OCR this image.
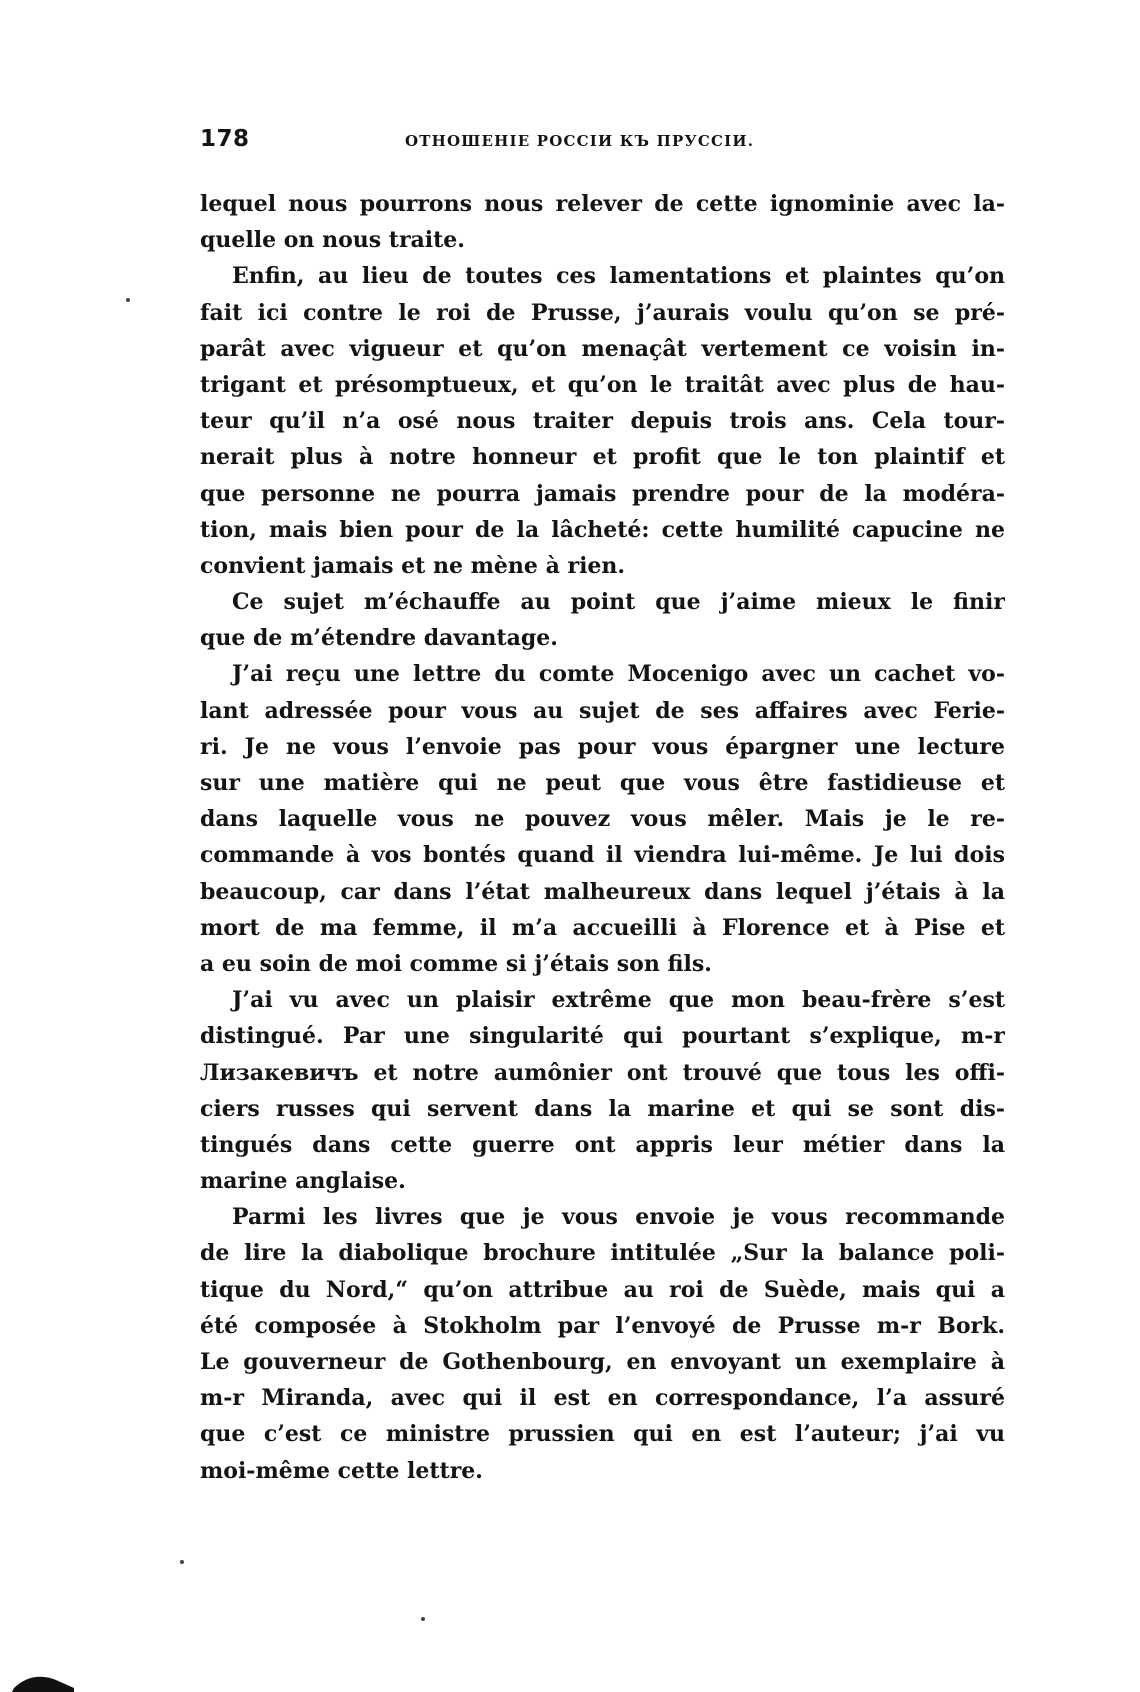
178	ОТНОШЕНІЕ РОССІИ КЪ ПРУССІИ.
lequel nous pourrons nous relever de cette ignominie avec la-
quelle on nous traite.
Enfin, au lieu de toutes ces lamentations et plaintes qu’on
fait ici contre le roi de Prusse, j’aurais voulu qu’on se pré-
parât avec vigueur et qu’on menaçât vertement ce voisin in-
trigant et présomptueux, et qu’on le traitât avec plus de hau-
teur qu’il n’a osé nous traiter depuis trois ans. Cela tour-
nerait plus à notre honneur et profit que le ton plaintif et
que personne ne pourra jamais prendre pour de la modéra-
tion, mais bien pour de la lâcheté: cette humilité capucine ne
convient jamais et ne mène à rien.
Ce sujet m’échauffe au point que j’aime mieux le finir
que de m’étendre davantage.
J’ai reçu une lettre du comte Mocenigo avec un cachet vo-
lant adressée pour vous au sujet de ses affaires avec Ferie-
ri. Je ne vous l’envoie pas pour vous épargner une lecture
sur une matière qui ne peut que vous être fastidieuse et
dans laquelle vous ne pouvez vous mêler. Mais je le re-
commande à vos bontés quand il viendra lui-même. Je lui dois
beaucoup, car dans l’état malheureux dans lequel j’étais à la
mort de ma femme, il m’a accueilli à Florence et à Pise et
a eu soin de moi comme si j’étais son fils.
J’ai vu avec un plaisir extrême que mon beau-frère s’est
distingué. Par une singularité qui pourtant s’explique, m-r
Лизакевичъ et notre aumônier ont trouvé que tous les offi-
ciers russes qui servent dans la marine et qui se sont dis-
tingués dans cette guerre ont appris leur métier dans la
marine anglaise.
Parmi les livres que je vous envoie je vous recommande
de lire la diabolique brochure intitulée „Sur la balance poli-
tique du Nord,“ qu’on attribue au roi de Suède, mais qui a
été composée à Stokholm par l’envoyé de Prusse m-r Bork.
Le gouverneur de Gothenbourg, en envoyant un exemplaire à
m-r Miranda, avec qui il est en correspondance, l’a assuré
que c’est ce ministre prussien qui en est l’auteur; j’ai vu
moi-même cette lettre.
